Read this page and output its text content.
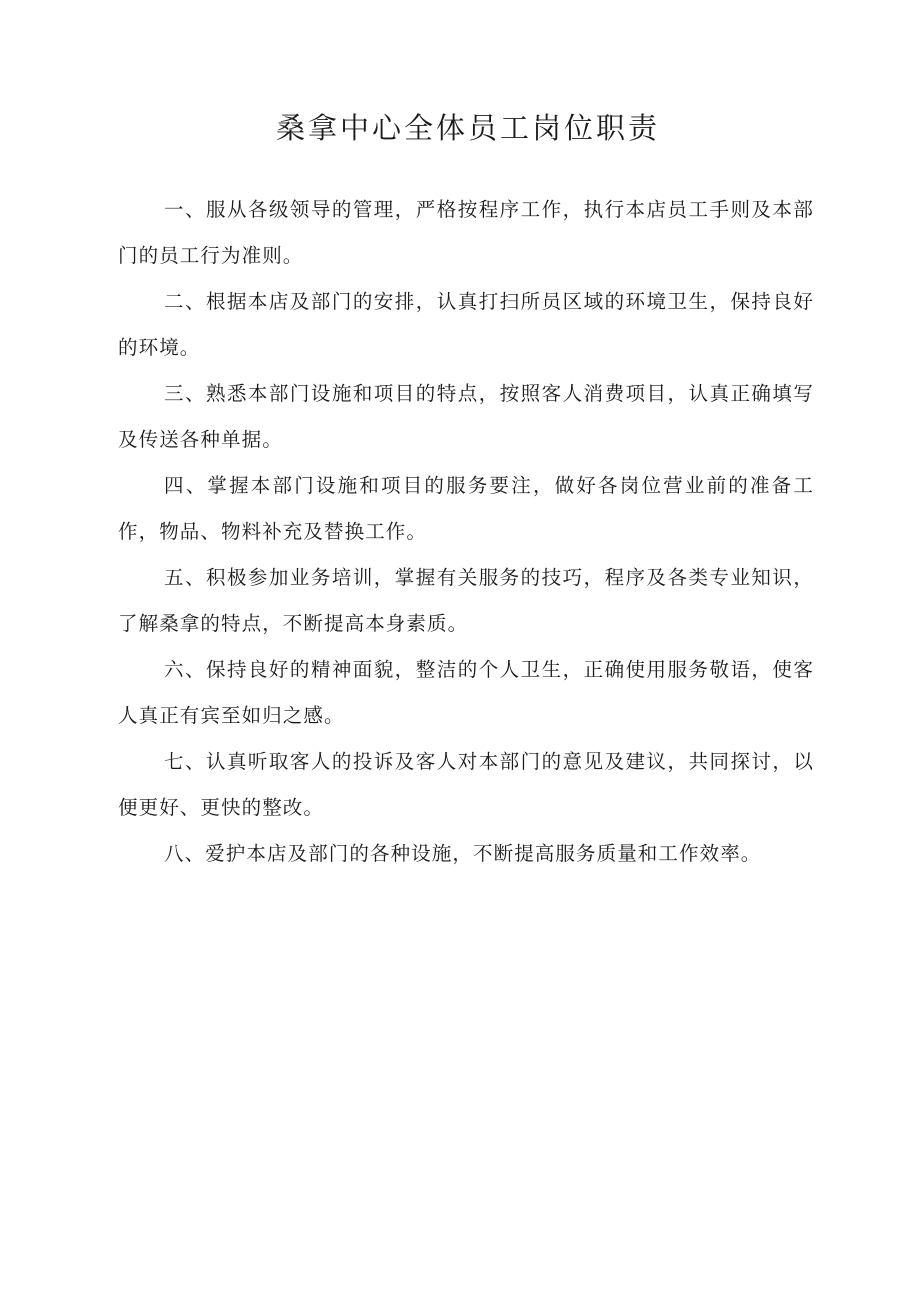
桑拿中心全体员工岗位职责

一、服从各级领导的管理，严格按程序工作，执行本店员工手则及本部门的员工行为准则。

二、根据本店及部门的安排，认真打扫所员区域的环境卫生，保持良好的环境。

三、熟悉本部门设施和项目的特点，按照客人消费项目，认真正确填写及传送各种单据。

四、掌握本部门设施和项目的服务要注，做好各岗位营业前的准备工作，物品、物料补充及替换工作。

五、积极参加业务培训，掌握有关服务的技巧，程序及各类专业知识，了解桑拿的特点，不断提高本身素质。

六、保持良好的精神面貌，整洁的个人卫生，正确使用服务敬语，使客人真正有宾至如归之感。

七、认真听取客人的投诉及客人对本部门的意见及建议，共同探讨，以便更好、更快的整改。

八、爱护本店及部门的各种设施，不断提高服务质量和工作效率。
